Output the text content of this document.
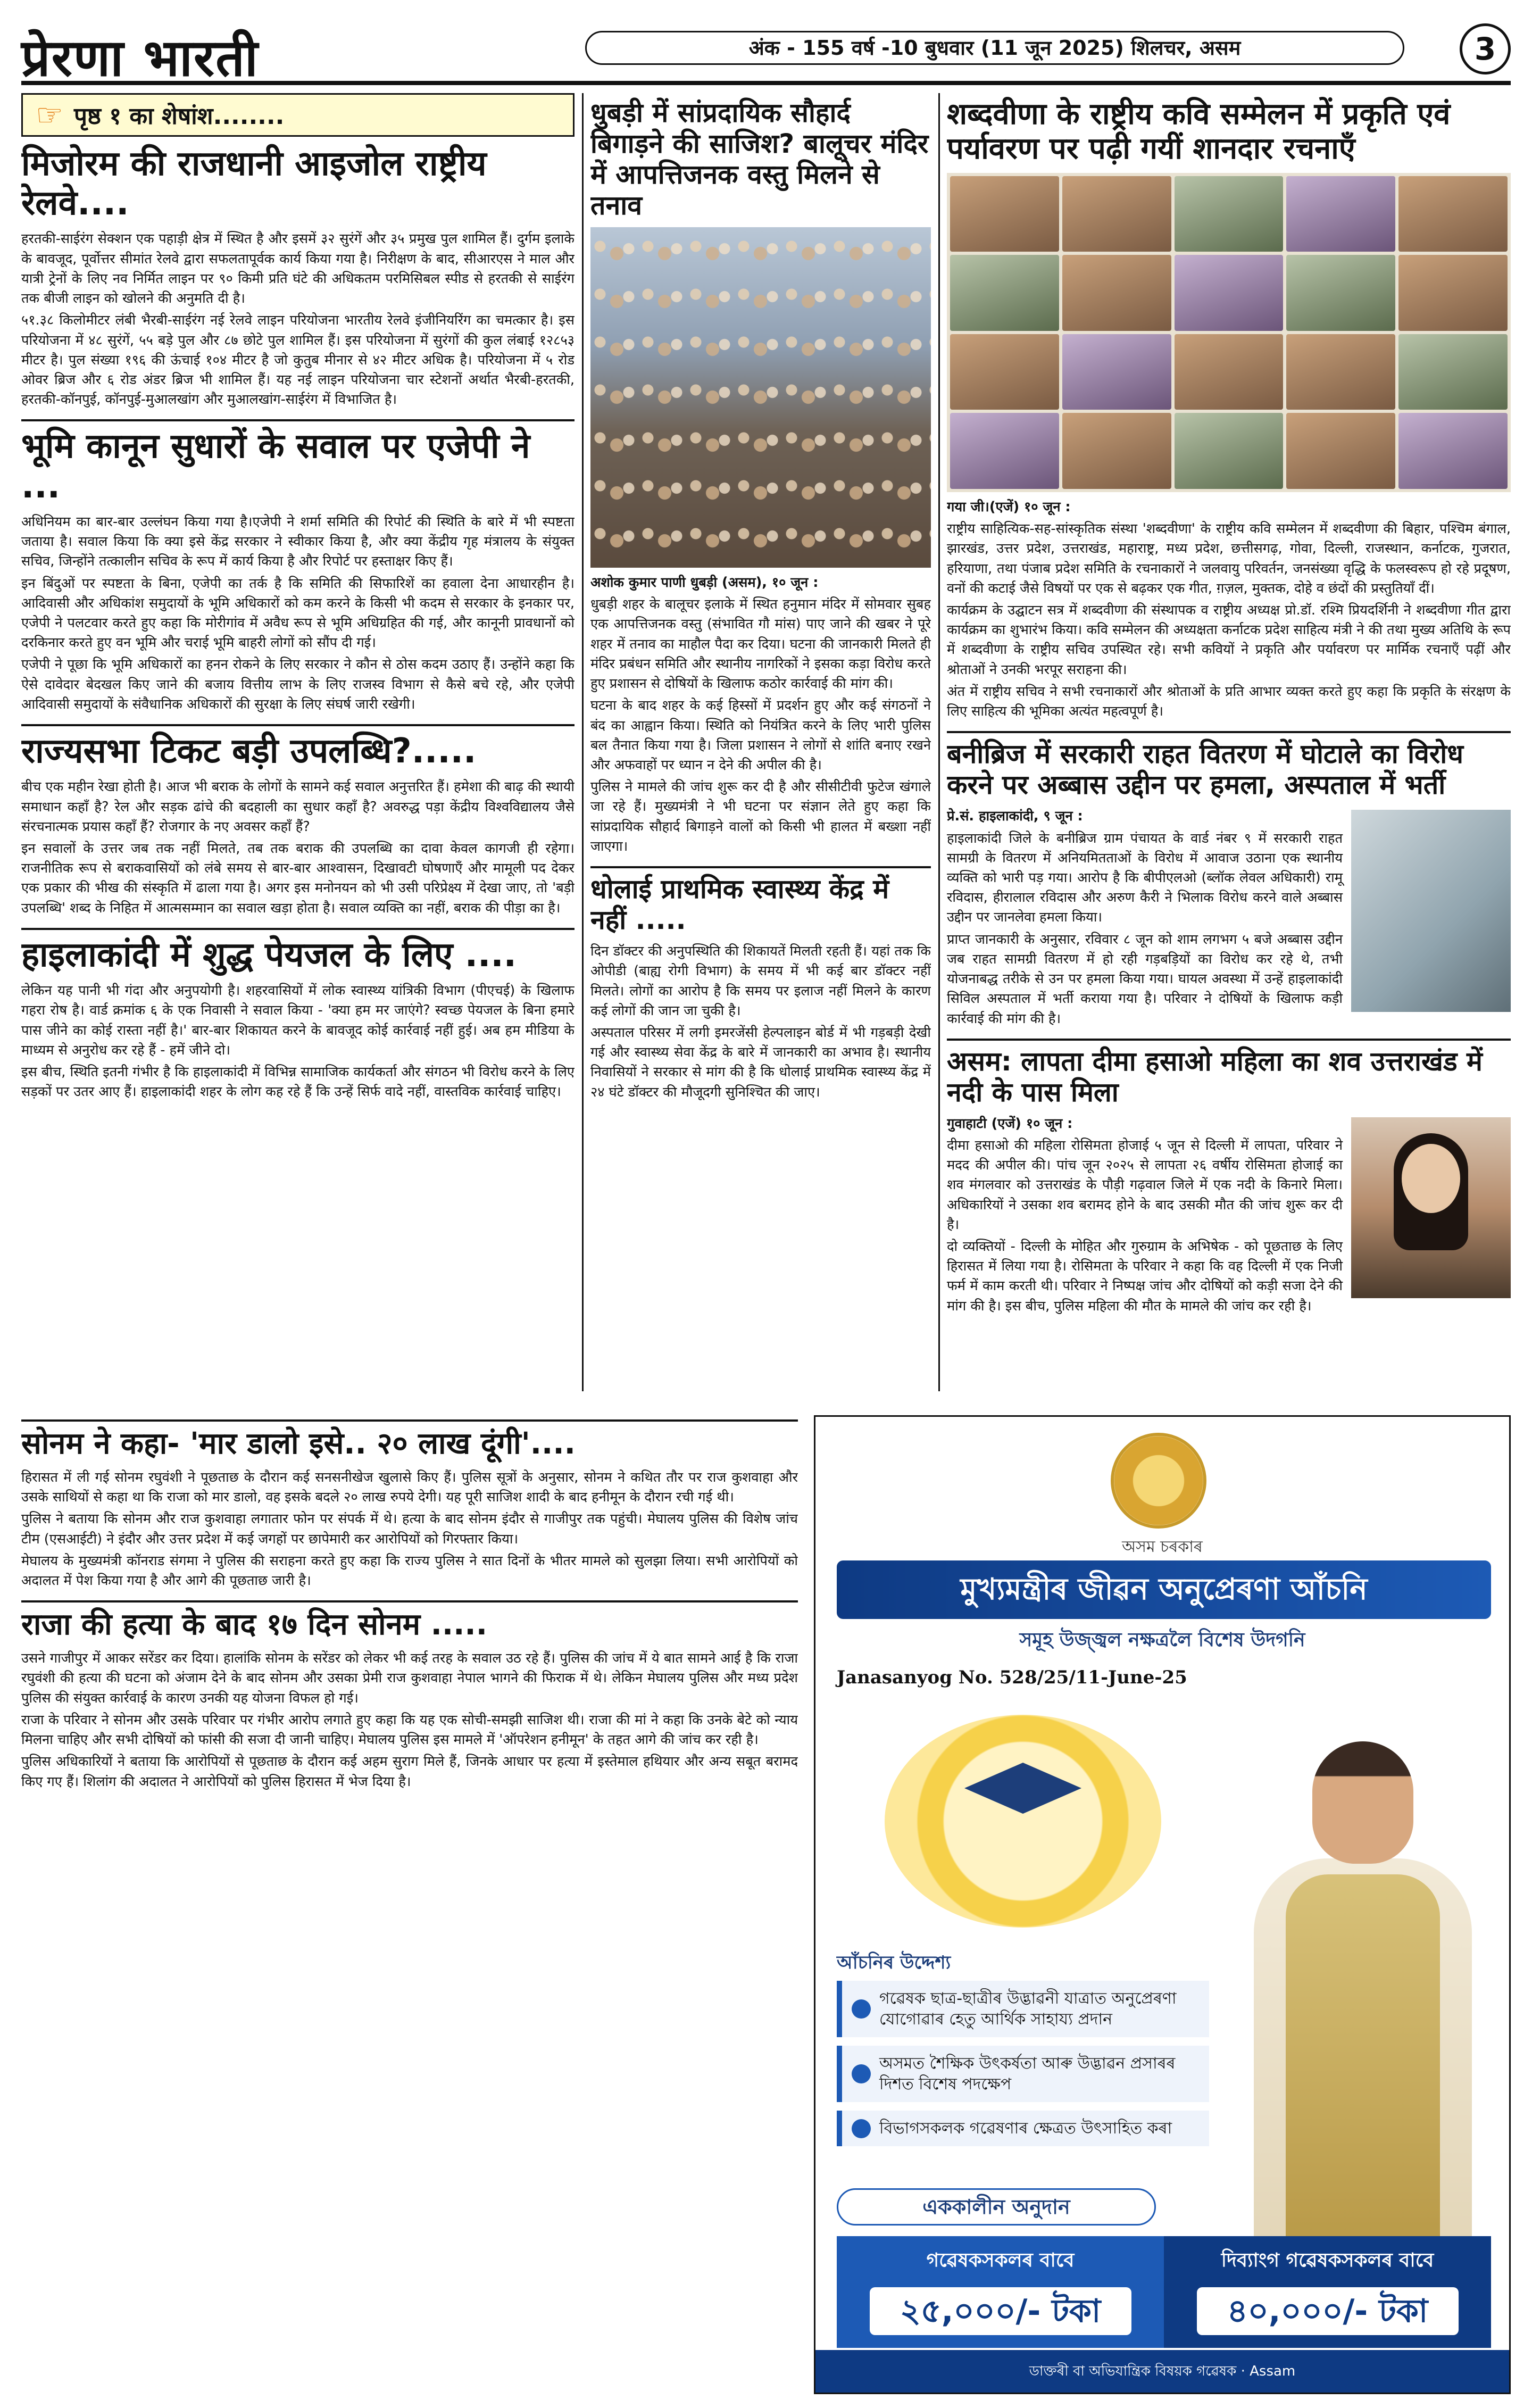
प्रेरणा भारती	अंक - 155 वर्ष -10 बुधवार (11 जून 2025) शिलचर, असम	3
☞ पृष्ठ १ का शेषांश........
मिजोरम की राजधानी आइजोल राष्ट्रीय रेलवे....

हरतकी-साईरंग सेक्शन एक पहाड़ी क्षेत्र में स्थित है और इसमें ३२ सुरंगें और ३५ प्रमुख पुल शामिल हैं। दुर्गम इलाके के बावजूद, पूर्वोत्तर सीमांत रेलवे द्वारा सफलतापूर्वक कार्य किया गया है। निरीक्षण के बाद, सीआरएस ने माल और यात्री ट्रेनों के लिए नव निर्मित लाइन पर ९० किमी प्रति घंटे की अधिकतम परमिसिबल स्पीड से हरतकी से साईरंग तक बीजी लाइन को खोलने की अनुमति दी है।

५१.३८ किलोमीटर लंबी भैरबी-साईरंग नई रेलवे लाइन परियोजना भारतीय रेलवे इंजीनियरिंग का चमत्कार है। इस परियोजना में ४८ सुरंगें, ५५ बड़े पुल और ८७ छोटे पुल शामिल हैं। इस परियोजना में सुरंगों की कुल लंबाई १२८५३ मीटर है। पुल संख्या १९६ की ऊंचाई १०४ मीटर है जो कुतुब मीनार से ४२ मीटर अधिक है। परियोजना में ५ रोड ओवर ब्रिज और ६ रोड अंडर ब्रिज भी शामिल हैं। यह नई लाइन परियोजना चार स्टेशनों अर्थात भैरबी-हरतकी, हरतकी-कॉनपुई, कॉनपुई-मुआलखांग और मुआलखांग-साईरंग में विभाजित है।

भूमि कानून सुधारों के सवाल पर एजेपी ने ...

अधिनियम का बार-बार उल्लंघन किया गया है।एजेपी ने शर्मा समिति की रिपोर्ट की स्थिति के बारे में भी स्पष्टता जताया है। सवाल किया कि क्या इसे केंद्र सरकार ने स्वीकार किया है, और क्या केंद्रीय गृह मंत्रालय के संयुक्त सचिव, जिन्होंने तत्कालीन सचिव के रूप में कार्य किया है और रिपोर्ट पर हस्ताक्षर किए हैं।

इन बिंदुओं पर स्पष्टता के बिना, एजेपी का तर्क है कि समिति की सिफारिशें का हवाला देना आधारहीन है। आदिवासी और अधिकांश समुदायों के भूमि अधिकारों को कम करने के किसी भी कदम से सरकार के इनकार पर, एजेपी ने पलटवार करते हुए कहा कि मोरीगांव में अवैध रूप से भूमि अधिग्रहित की गई, और कानूनी प्रावधानों को दरकिनार करते हुए वन भूमि और चराई भूमि बाहरी लोगों को सौंप दी गई।

एजेपी ने पूछा कि भूमि अधिकारों का हनन रोकने के लिए सरकार ने कौन से ठोस कदम उठाए हैं। उन्होंने कहा कि ऐसे दावेदार बेदखल किए जाने की बजाय वित्तीय लाभ के लिए राजस्व विभाग से कैसे बचे रहे, और एजेपी आदिवासी समुदायों के संवैधानिक अधिकारों की सुरक्षा के लिए संघर्ष जारी रखेगी।

राज्यसभा टिकट बड़ी उपलब्धि?.....

बीच एक महीन रेखा होती है। आज भी बराक के लोगों के सामने कई सवाल अनुत्तरित हैं। हमेशा की बाढ़ की स्थायी समाधान कहाँ है? रेल और सड़क ढांचे की बदहाली का सुधार कहाँ है? अवरुद्ध पड़ा केंद्रीय विश्वविद्यालय जैसे संरचनात्मक प्रयास कहाँ हैं? रोजगार के नए अवसर कहाँ हैं?

इन सवालों के उत्तर जब तक नहीं मिलते, तब तक बराक की उपलब्धि का दावा केवल कागजी ही रहेगा। राजनीतिक रूप से बराकवासियों को लंबे समय से बार-बार आश्वासन, दिखावटी घोषणाएँ और मामूली पद देकर एक प्रकार की भीख की संस्कृति में ढाला गया है। अगर इस मनोनयन को भी उसी परिप्रेक्ष्य में देखा जाए, तो 'बड़ी उपलब्धि' शब्द के निहित में आत्मसम्मान का सवाल खड़ा होता है। सवाल व्यक्ति का नहीं, बराक की पीड़ा का है।

हाइलाकांदी में शुद्ध पेयजल के लिए ....

लेकिन यह पानी भी गंदा और अनुपयोगी है। शहरवासियों में लोक स्वास्थ्य यांत्रिकी विभाग (पीएचई) के खिलाफ गहरा रोष है। वार्ड क्रमांक ६ के एक निवासी ने सवाल किया - 'क्या हम मर जाएंगे? स्वच्छ पेयजल के बिना हमारे पास जीने का कोई रास्ता नहीं है।' बार-बार शिकायत करने के बावजूद कोई कार्रवाई नहीं हुई। अब हम मीडिया के माध्यम से अनुरोध कर रहे हैं - हमें जीने दो।

इस बीच, स्थिति इतनी गंभीर है कि हाइलाकांदी में विभिन्न सामाजिक कार्यकर्ता और संगठन भी विरोध करने के लिए सड़कों पर उतर आए हैं। हाइलाकांदी शहर के लोग कह रहे हैं कि उन्हें सिर्फ वादे नहीं, वास्तविक कार्रवाई चाहिए।

धुबड़ी में सांप्रदायिक सौहार्द बिगाड़ने की साजिश? बालूचर मंदिर में आपत्तिजनक वस्तु मिलने से तनाव

अशोक कुमार पाणी धुबड़ी (असम), १० जून :

धुबड़ी शहर के बालूचर इलाके में स्थित हनुमान मंदिर में सोमवार सुबह एक आपत्तिजनक वस्तु (संभावित गौ मांस) पाए जाने की खबर ने पूरे शहर में तनाव का माहौल पैदा कर दिया। घटना की जानकारी मिलते ही मंदिर प्रबंधन समिति और स्थानीय नागरिकों ने इसका कड़ा विरोध करते हुए प्रशासन से दोषियों के खिलाफ कठोर कार्रवाई की मांग की।

घटना के बाद शहर के कई हिस्सों में प्रदर्शन हुए और कई संगठनों ने बंद का आह्वान किया। स्थिति को नियंत्रित करने के लिए भारी पुलिस बल तैनात किया गया है। जिला प्रशासन ने लोगों से शांति बनाए रखने और अफवाहों पर ध्यान न देने की अपील की है।

पुलिस ने मामले की जांच शुरू कर दी है और सीसीटीवी फुटेज खंगाले जा रहे हैं। मुख्यमंत्री ने भी घटना पर संज्ञान लेते हुए कहा कि सांप्रदायिक सौहार्द बिगाड़ने वालों को किसी भी हालत में बख्शा नहीं जाएगा।

धोलाई प्राथमिक स्वास्थ्य केंद्र में नहीं .....

दिन डॉक्टर की अनुपस्थिति की शिकायतें मिलती रहती हैं। यहां तक कि ओपीडी (बाह्य रोगी विभाग) के समय में भी कई बार डॉक्टर नहीं मिलते। लोगों का आरोप है कि समय पर इलाज नहीं मिलने के कारण कई लोगों की जान जा चुकी है।

अस्पताल परिसर में लगी इमरजेंसी हेल्पलाइन बोर्ड में भी गड़बड़ी देखी गई और स्वास्थ्य सेवा केंद्र के बारे में जानकारी का अभाव है। स्थानीय निवासियों ने सरकार से मांग की है कि धोलाई प्राथमिक स्वास्थ्य केंद्र में २४ घंटे डॉक्टर की मौजूदगी सुनिश्चित की जाए।

शब्दवीणा के राष्ट्रीय कवि सम्मेलन में प्रकृति एवं पर्यावरण पर पढ़ी गयीं शानदार रचनाएँ

गया जी।(एजें) १० जून :

राष्ट्रीय साहित्यिक-सह-सांस्कृतिक संस्था 'शब्दवीणा' के राष्ट्रीय कवि सम्मेलन में शब्दवीणा की बिहार, पश्चिम बंगाल, झारखंड, उत्तर प्रदेश, उत्तराखंड, महाराष्ट्र, मध्य प्रदेश, छत्तीसगढ़, गोवा, दिल्ली, राजस्थान, कर्नाटक, गुजरात, हरियाणा, तथा पंजाब प्रदेश समिति के रचनाकारों ने जलवायु परिवर्तन, जनसंख्या वृद्धि के फलस्वरूप हो रहे प्रदूषण, वनों की कटाई जैसे विषयों पर एक से बढ़कर एक गीत, ग़ज़ल, मुक्तक, दोहे व छंदों की प्रस्तुतियाँ दीं।

कार्यक्रम के उद्घाटन सत्र में शब्दवीणा की संस्थापक व राष्ट्रीय अध्यक्ष प्रो.डॉ. रश्मि प्रियदर्शिनी ने शब्दवीणा गीत द्वारा कार्यक्रम का शुभारंभ किया। कवि सम्मेलन की अध्यक्षता कर्नाटक प्रदेश साहित्य मंत्री ने की तथा मुख्य अतिथि के रूप में शब्दवीणा के राष्ट्रीय सचिव उपस्थित रहे। सभी कवियों ने प्रकृति और पर्यावरण पर मार्मिक रचनाएँ पढ़ीं और श्रोताओं ने उनकी भरपूर सराहना की।

अंत में राष्ट्रीय सचिव ने सभी रचनाकारों और श्रोताओं के प्रति आभार व्यक्त करते हुए कहा कि प्रकृति के संरक्षण के लिए साहित्य की भूमिका अत्यंत महत्वपूर्ण है।

बनीब्रिज में सरकारी राहत वितरण में घोटाले का विरोध करने पर अब्बास उद्दीन पर हमला, अस्पताल में भर्ती

प्रे.सं. हाइलाकांदी, ९ जून :

हाइलाकांदी जिले के बनीब्रिज ग्राम पंचायत के वार्ड नंबर ९ में सरकारी राहत सामग्री के वितरण में अनियमितताओं के विरोध में आवाज उठाना एक स्थानीय व्यक्ति को भारी पड़ गया। आरोप है कि बीपीएलओ (ब्लॉक लेवल अधिकारी) रामू रविदास, हीरालाल रविदास और अरुण कैरी ने भिलाक विरोध करने वाले अब्बास उद्दीन पर जानलेवा हमला किया।

प्राप्त जानकारी के अनुसार, रविवार ८ जून को शाम लगभग ५ बजे अब्बास उद्दीन जब राहत सामग्री वितरण में हो रही गड़बड़ियों का विरोध कर रहे थे, तभी योजनाबद्ध तरीके से उन पर हमला किया गया। घायल अवस्था में उन्हें हाइलाकांदी सिविल अस्पताल में भर्ती कराया गया है। परिवार ने दोषियों के खिलाफ कड़ी कार्रवाई की मांग की है।

असम: लापता दीमा हसाओ महिला का शव उत्तराखंड में नदी के पास मिला

गुवाहाटी (एजें) १० जून :

दीमा हसाओ की महिला रोसिमता होजाई ५ जून से दिल्ली में लापता, परिवार ने मदद की अपील की। पांच जून २०२५ से लापता २६ वर्षीय रोसिमता होजाई का शव मंगलवार को उत्तराखंड के पौड़ी गढ़वाल जिले में एक नदी के किनारे मिला। अधिकारियों ने उसका शव बरामद होने के बाद उसकी मौत की जांच शुरू कर दी है।

दो व्यक्तियों - दिल्ली के मोहित और गुरुग्राम के अभिषेक - को पूछताछ के लिए हिरासत में लिया गया है। रोसिमता के परिवार ने कहा कि वह दिल्ली में एक निजी फर्म में काम करती थी। परिवार ने निष्पक्ष जांच और दोषियों को कड़ी सजा देने की मांग की है। इस बीच, पुलिस महिला की मौत के मामले की जांच कर रही है।

सोनम ने कहा- 'मार डालो इसे.. २० लाख दूंगी'....

हिरासत में ली गई सोनम रघुवंशी ने पूछताछ के दौरान कई सनसनीखेज खुलासे किए हैं। पुलिस सूत्रों के अनुसार, सोनम ने कथित तौर पर राज कुशवाहा और उसके साथियों से कहा था कि राजा को मार डालो, वह इसके बदले २० लाख रुपये देगी। यह पूरी साजिश शादी के बाद हनीमून के दौरान रची गई थी।

पुलिस ने बताया कि सोनम और राज कुशवाहा लगातार फोन पर संपर्क में थे। हत्या के बाद सोनम इंदौर से गाजीपुर तक पहुंची। मेघालय पुलिस की विशेष जांच टीम (एसआईटी) ने इंदौर और उत्तर प्रदेश में कई जगहों पर छापेमारी कर आरोपियों को गिरफ्तार किया।

मेघालय के मुख्यमंत्री कॉनराड संगमा ने पुलिस की सराहना करते हुए कहा कि राज्य पुलिस ने सात दिनों के भीतर मामले को सुलझा लिया। सभी आरोपियों को अदालत में पेश किया गया है और आगे की पूछताछ जारी है।

राजा की हत्या के बाद १७ दिन सोनम .....

उसने गाजीपुर में आकर सरेंडर कर दिया। हालांकि सोनम के सरेंडर को लेकर भी कई तरह के सवाल उठ रहे हैं। पुलिस की जांच में ये बात सामने आई है कि राजा रघुवंशी की हत्या की घटना को अंजाम देने के बाद सोनम और उसका प्रेमी राज कुशवाहा नेपाल भागने की फिराक में थे। लेकिन मेघालय पुलिस और मध्य प्रदेश पुलिस की संयुक्त कार्रवाई के कारण उनकी यह योजना विफल हो गई।

राजा के परिवार ने सोनम और उसके परिवार पर गंभीर आरोप लगाते हुए कहा कि यह एक सोची-समझी साजिश थी। राजा की मां ने कहा कि उनके बेटे को न्याय मिलना चाहिए और सभी दोषियों को फांसी की सजा दी जानी चाहिए। मेघालय पुलिस इस मामले में 'ऑपरेशन हनीमून' के तहत आगे की जांच कर रही है।

पुलिस अधिकारियों ने बताया कि आरोपियों से पूछताछ के दौरान कई अहम सुराग मिले हैं, जिनके आधार पर हत्या में इस्तेमाल हथियार और अन्य सबूत बरामद किए गए हैं। शिलांग की अदालत ने आरोपियों को पुलिस हिरासत में भेज दिया है।

অসম চৰকাৰ
মুখ্যমন্ত্ৰীৰ জীৱন অনুপ্ৰেৰণা আঁচনি
সমূহ উজ্জ্বল নক্ষত্ৰলৈ বিশেষ উদগনি
Janasanyog No. 528/25/11-June-25
আঁচনিৰ উদ্দেশ্য
গৱেষক ছাত্ৰ-ছাত্ৰীৰ উদ্ভাৱনী যাত্ৰাত অনুপ্ৰেৰণা যোগোৱাৰ হেতু আৰ্থিক সাহায্য প্ৰদান
অসমত শৈক্ষিক উৎকৰ্ষতা আৰু উদ্ভাৱন প্ৰসাৰৰ দিশত বিশেষ পদক্ষেপ
বিভাগসকলক গৱেষণাৰ ক্ষেত্ৰত উৎসাহিত কৰা
এককালীন অনুদান
গৱেষকসকলৰ বাবে
২৫,০০০/- টকা
দিব্যাংগ গৱেষকসকলৰ বাবে
৪০,০০০/- টকা
ডাক্তৰী বা অভিযান্ত্ৰিক বিষয়ক গৱেষক · Assam
